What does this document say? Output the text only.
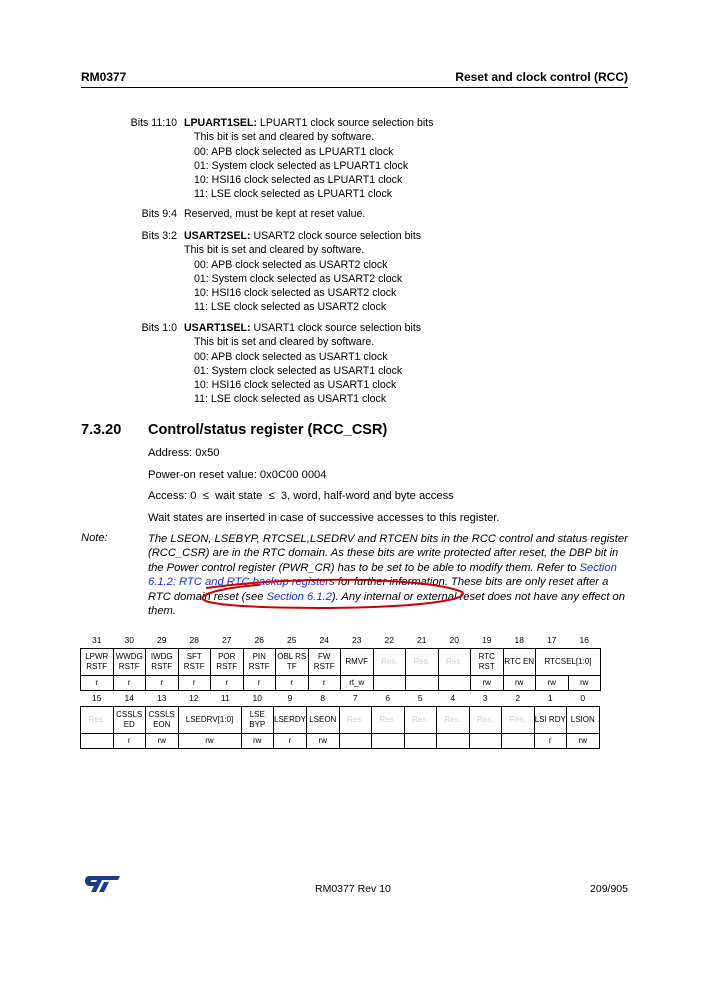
RM0377	Reset and clock control (RCC)
Bits 11:10 LPUART1SEL: LPUART1 clock source selection bits
This bit is set and cleared by software.
00: APB clock selected as LPUART1 clock
01: System clock selected as LPUART1 clock
10: HSI16 clock selected as LPUART1 clock
11: LSE clock selected as LPUART1 clock
Bits 9:4 Reserved, must be kept at reset value.
Bits 3:2 USART2SEL: USART2 clock source selection bits
This bit is set and cleared by software.
00: APB clock selected as USART2 clock
01: System clock selected as USART2 clock
10: HSI16 clock selected as USART2 clock
11: LSE clock selected as USART2 clock
Bits 1:0 USART1SEL: USART1 clock source selection bits
This bit is set and cleared by software.
00: APB clock selected as USART1 clock
01: System clock selected as USART1 clock
10: HSI16 clock selected as USART1 clock
11: LSE clock selected as USART1 clock
7.3.20 Control/status register (RCC_CSR)
Address: 0x50
Power-on reset value: 0x0C00 0004
Access: 0  ≤  wait state  ≤  3, word, half-word and byte access
Wait states are inserted in case of successive accesses to this register.
Note:	The LSEON, LSEBYP, RTCSEL,LSEDRV and RTCEN bits in the RCC control and status register (RCC_CSR) are in the RTC domain. As these bits are write protected after reset, the DBP bit in the Power control register (PWR_CR) has to be set to be able to modify them. Refer to Section 6.1.2: RTC and RTC backup registers for further information. These bits are only reset after a RTC domain reset (see Section 6.1.2). Any internal or external reset does not have any effect on them.
31	30	29	28	27	26	25	24	23	22	21	20	19	18	17	16
LPWR RSTF	WWDG RSTF	IWDG RSTF	SFT RSTF	POR RSTF	PIN RSTF	OBL RS TF	FW RSTF	RMVF	Res.	Res.	Res.	RTC RST	RTC EN	RTCSEL[1:0]	
r	r	r	r	r	r	r	r	rt_w				rw	rw	rw	rw
15	14	13	12	11	10	9	8	7	6	5	4	3	2	1	0
Res.	CSSLS ED	CSSLS EON	LSEDRV[1:0]		LSE BYP	LSERDY	LSEON	Res.	Res.	Res.	Res.	Res.	Res.	LSI RDY	LSION
	r	rw	rw		rw	r	rw							r	rw
RM0377 Rev 10	209/905
